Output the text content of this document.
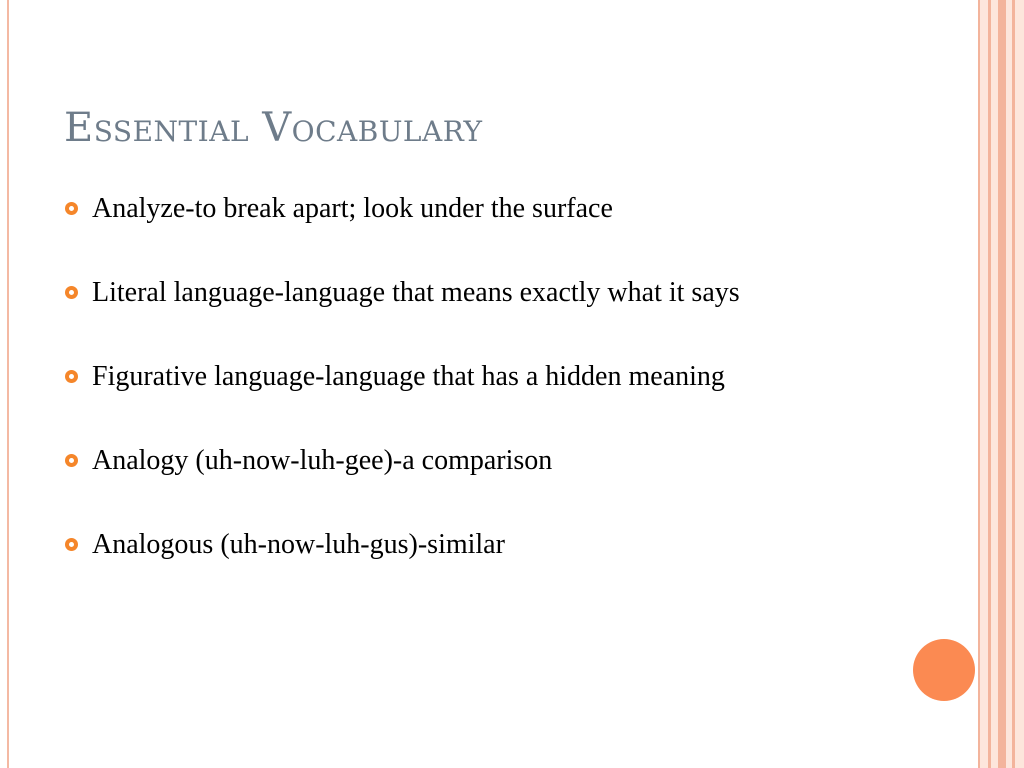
Essential Vocabulary
Analyze-to break apart; look under the surface
Literal language-language that means exactly what it says
Figurative language-language that has a hidden meaning
Analogy (uh-now-luh-gee)-a comparison
Analogous (uh-now-luh-gus)-similar
